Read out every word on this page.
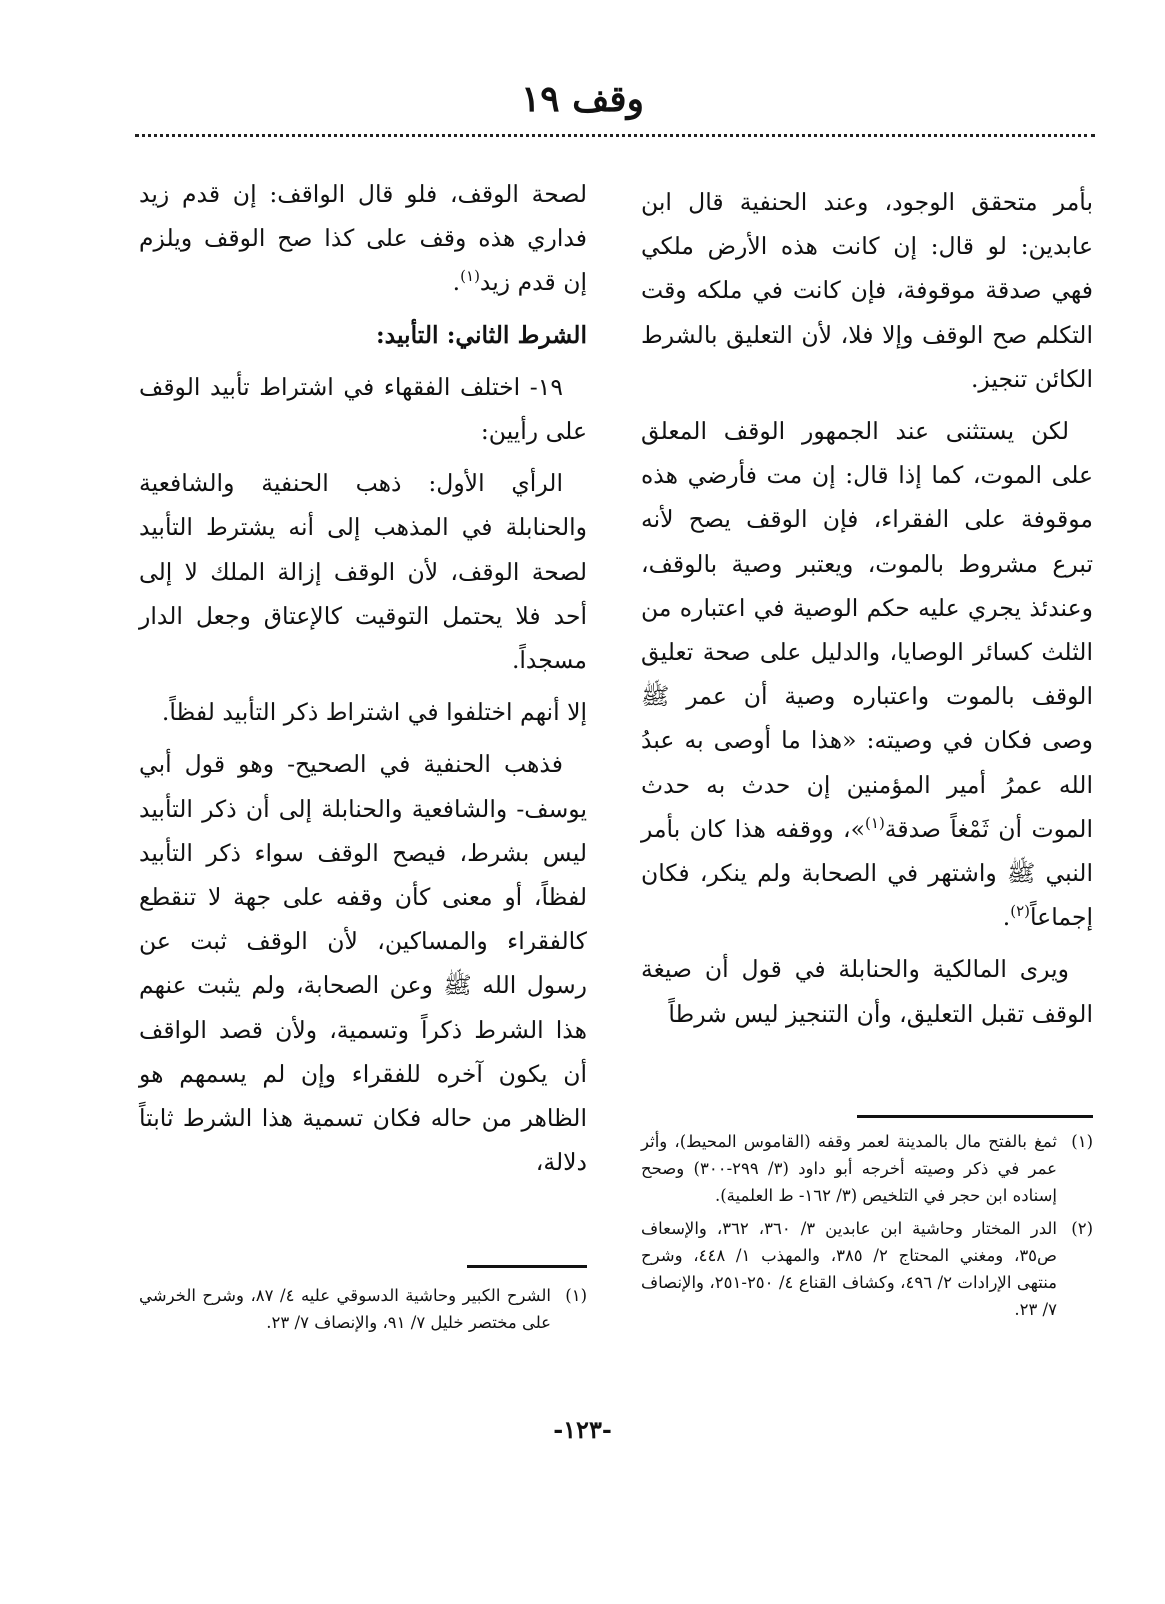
وقف ١٩

بأمر متحقق الوجود، وعند الحنفية قال ابن عابدين: لو قال: إن كانت هذه الأرض ملكي فهي صدقة موقوفة، فإن كانت في ملكه وقت التكلم صح الوقف وإلا فلا، لأن التعليق بالشرط الكائن تنجيز.

لكن يستثنى عند الجمهور الوقف المعلق على الموت، كما إذا قال: إن مت فأرضي هذه موقوفة على الفقراء، فإن الوقف يصح لأنه تبرع مشروط بالموت، ويعتبر وصية بالوقف، وعندئذ يجري عليه حكم الوصية في اعتباره من الثلث كسائر الوصايا، والدليل على صحة تعليق الوقف بالموت واعتباره وصية أن عمر ﷺ وصى فكان في وصيته: «هذا ما أوصى به عبدُ الله عمرُ أمير المؤمنين إن حدث به حدث الموت أن ثَمْغاً صدقة$^{(١)}$»، ووقفه هذا كان بأمر النبي ﷺ واشتهر في الصحابة ولم ينكر، فكان إجماعاً$^{(٢)}$.

ويرى المالكية والحنابلة في قول أن صيغة الوقف تقبل التعليق، وأن التنجيز ليس شرطاً

لصحة الوقف، فلو قال الواقف: إن قدم زيد فداري هذه وقف على كذا صح الوقف ويلزم إن قدم زيد$^{(١)}$.

الشرط الثاني: التأبيد:

١٩- اختلف الفقهاء في اشتراط تأبيد الوقف على رأيين:

الرأي الأول: ذهب الحنفية والشافعية والحنابلة في المذهب إلى أنه يشترط التأبيد لصحة الوقف، لأن الوقف إزالة الملك لا إلى أحد فلا يحتمل التوقيت كالإعتاق وجعل الدار مسجداً.

إلا أنهم اختلفوا في اشتراط ذكر التأبيد لفظاً.

فذهب الحنفية في الصحيح- وهو قول أبي يوسف- والشافعية والحنابلة إلى أن ذكر التأبيد ليس بشرط، فيصح الوقف سواء ذكر التأبيد لفظاً، أو معنى كأن وقفه على جهة لا تنقطع كالفقراء والمساكين، لأن الوقف ثبت عن رسول الله ﷺ وعن الصحابة، ولم يثبت عنهم هذا الشرط ذكراً وتسمية، ولأن قصد الواقف أن يكون آخره للفقراء وإن لم يسمهم هو الظاهر من حاله فكان تسمية هذا الشرط ثابتاً دلالة،

(١)
ثمغ بالفتح مال بالمدينة لعمر وقفه (القاموس المحيط)، وأثر عمر في ذكر وصيته أخرجه أبو داود (٣/ ٢٩٩-٣٠٠) وصحح إسناده ابن حجر في التلخيص (٣/ ١٦٢- ط العلمية).
(٢)
الدر المختار وحاشية ابن عابدين ٣/ ٣٦٠، ٣٦٢، والإسعاف ص٣٥، ومغني المحتاج ٢/ ٣٨٥، والمهذب ١/ ٤٤٨، وشرح منتهى الإرادات ٢/ ٤٩٦، وكشاف القناع ٤/ ٢٥٠-٢٥١، والإنصاف ٧/ ٢٣.
(١)
الشرح الكبير وحاشية الدسوقي عليه ٤/ ٨٧، وشرح الخرشي على مختصر خليل ٧/ ٩١، والإنصاف ٧/ ٢٣.
-١٢٣-
